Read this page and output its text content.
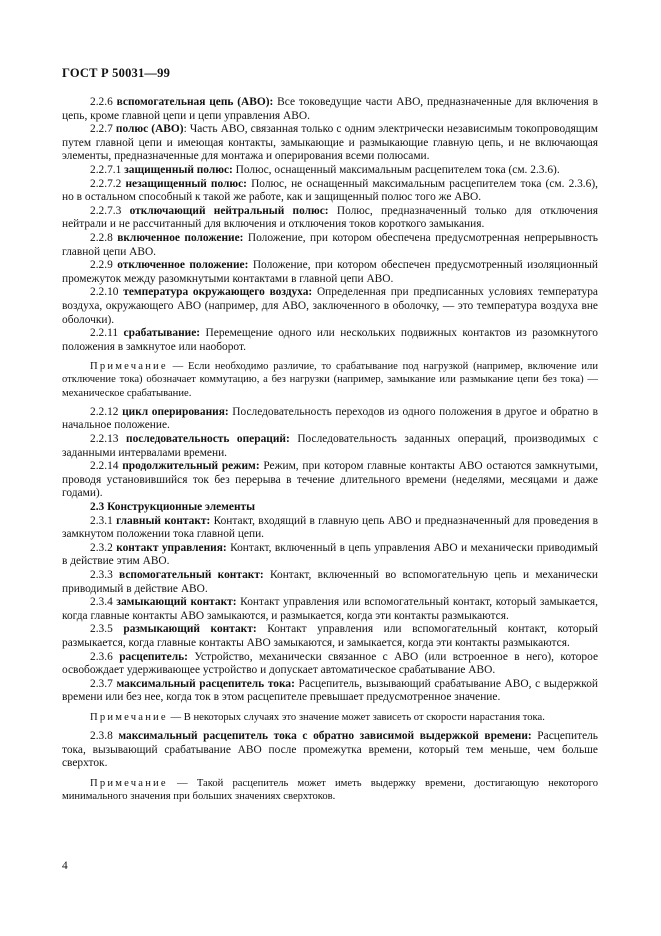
ГОСТ Р 50031—99

2.2.6 вспомогательная цепь (АВО): Все токоведущие части АВО, предназначенные для включения в цепь, кроме главной цепи и цепи управления АВО.

2.2.7 полюс (АВО): Часть АВО, связанная только с одним электрически независимым токопроводящим путем главной цепи и имеющая контакты, замыкающие и размыкающие главную цепь, и не включающая элементы, предназначенные для монтажа и оперирования всеми полюсами.

2.2.7.1 защищенный полюс: Полюс, оснащенный максимальным расцепителем тока (см. 2.3.6).

2.2.7.2 незащищенный полюс: Полюс, не оснащенный максимальным расцепителем тока (см. 2.3.6), но в остальном способный к такой же работе, как и защищенный полюс того же АВО.

2.2.7.3 отключающий нейтральный полюс: Полюс, предназначенный только для отключения нейтрали и не рассчитанный для включения и отключения токов короткого замыкания.

2.2.8 включенное положение: Положение, при котором обеспечена предусмотренная непрерывность главной цепи АВО.

2.2.9 отключенное положение: Положение, при котором обеспечен предусмотренный изоляционный промежуток между разомкнутыми контактами в главной цепи АВО.

2.2.10 температура окружающего воздуха: Определенная при предписанных условиях температура воздуха, окружающего АВО (например, для АВО, заключенного в оболочку, — это температура воздуха вне оболочки).

2.2.11 срабатывание: Перемещение одного или нескольких подвижных контактов из разомкнутого положения в замкнутое или наоборот.

Примечание — Если необходимо различие, то срабатывание под нагрузкой (например, включение или отключение тока) обозначает коммутацию, а без нагрузки (например, замыкание или размыкание цепи без тока) — механическое срабатывание.

2.2.12 цикл оперирования: Последовательность переходов из одного положения в другое и обратно в начальное положение.

2.2.13 последовательность операций: Последовательность заданных операций, производимых с заданными интервалами времени.

2.2.14 продолжительный режим: Режим, при котором главные контакты АВО остаются замкнутыми, проводя установившийся ток без перерыва в течение длительного времени (неделями, месяцами и даже годами).

2.3 Конструкционные элементы

2.3.1 главный контакт: Контакт, входящий в главную цепь АВО и предназначенный для проведения в замкнутом положении тока главной цепи.

2.3.2 контакт управления: Контакт, включенный в цепь управления АВО и механически приводимый в действие этим АВО.

2.3.3 вспомогательный контакт: Контакт, включенный во вспомогательную цепь и механически приводимый в действие АВО.

2.3.4 замыкающий контакт: Контакт управления или вспомогательный контакт, который замыкается, когда главные контакты АВО замыкаются, и размыкается, когда эти контакты размыкаются.

2.3.5 размыкающий контакт: Контакт управления или вспомогательный контакт, который размыкается, когда главные контакты АВО замыкаются, и замыкается, когда эти контакты размыкаются.

2.3.6 расцепитель: Устройство, механически связанное с АВО (или встроенное в него), которое освобождает удерживающее устройство и допускает автоматическое срабатывание АВО.

2.3.7 максимальный расцепитель тока: Расцепитель, вызывающий срабатывание АВО, с выдержкой времени или без нее, когда ток в этом расцепителе превышает предусмотренное значение.

Примечание — В некоторых случаях это значение может зависеть от скорости нарастания тока.

2.3.8 максимальный расцепитель тока с обратно зависимой выдержкой времени: Расцепитель тока, вызывающий срабатывание АВО после промежутка времени, который тем меньше, чем больше сверхток.

Примечание — Такой расцепитель может иметь выдержку времени, достигающую некоторого минимального значения при больших значениях сверхтоков.

4
